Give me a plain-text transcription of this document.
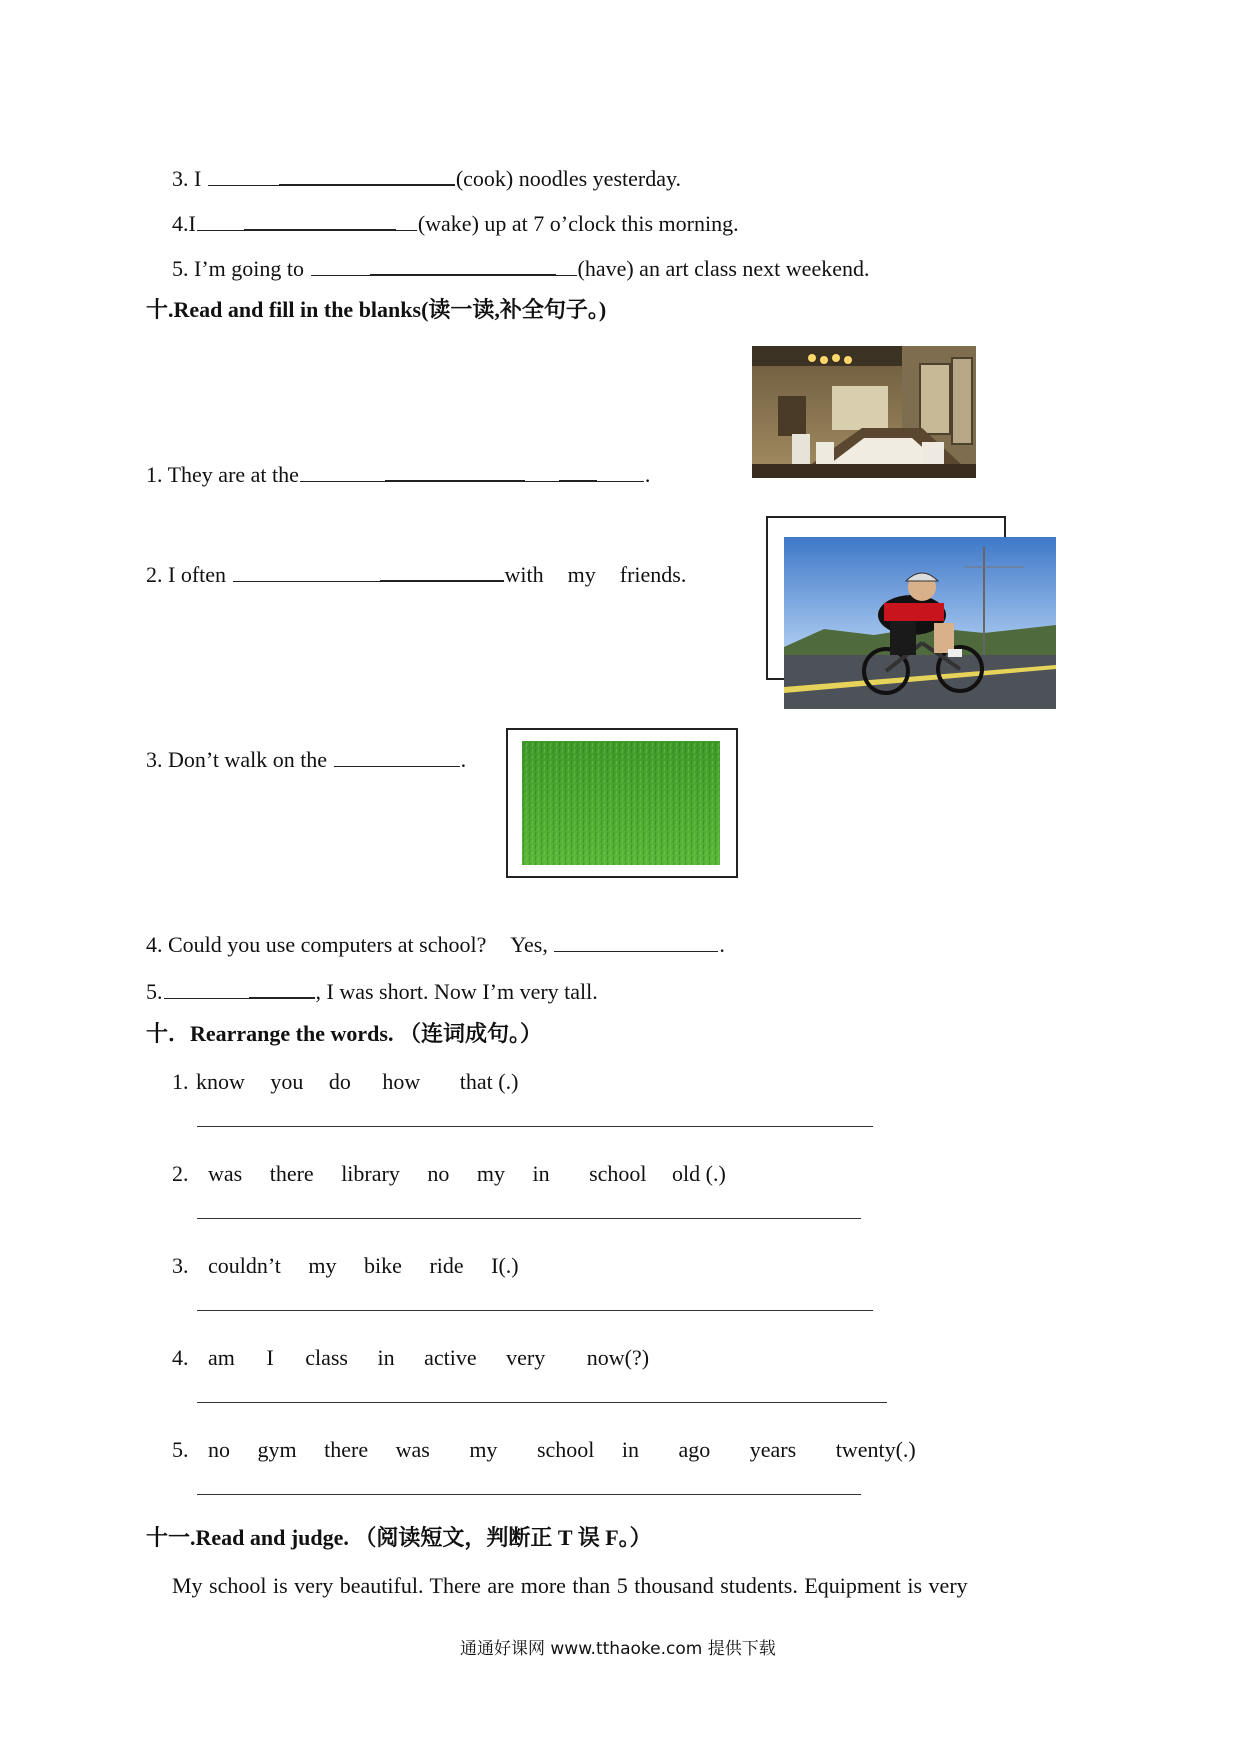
3. I	(cook) noodles yesterday.
4.I	(wake) up at 7 o’clock this morning.
5. I’m going to	(have) an art class next weekend.
十.Read and fill in the blanks(读一读,补全句子。)
1. They are at the	.
2. I often	with my friends.
3. Don’t walk on the	.
4. Could you use computers at school? Yes,	.
5.	, I was short. Now I’m very tall.
十．Rearrange the words. （连词成句。）
1. know you do how that (.)
2. was there library no my in school old (.)
3. couldn’t my bike ride I(.)
4. am I class in active very now(?)
5. no gym there was my school in ago years twenty(.)
十一.Read and judge. （阅读短文，判断正 T 误 F。）
My school is very beautiful. There are more than 5 thousand students. Equipment is very
通通好课网 www.tthaoke.com 提供下载
